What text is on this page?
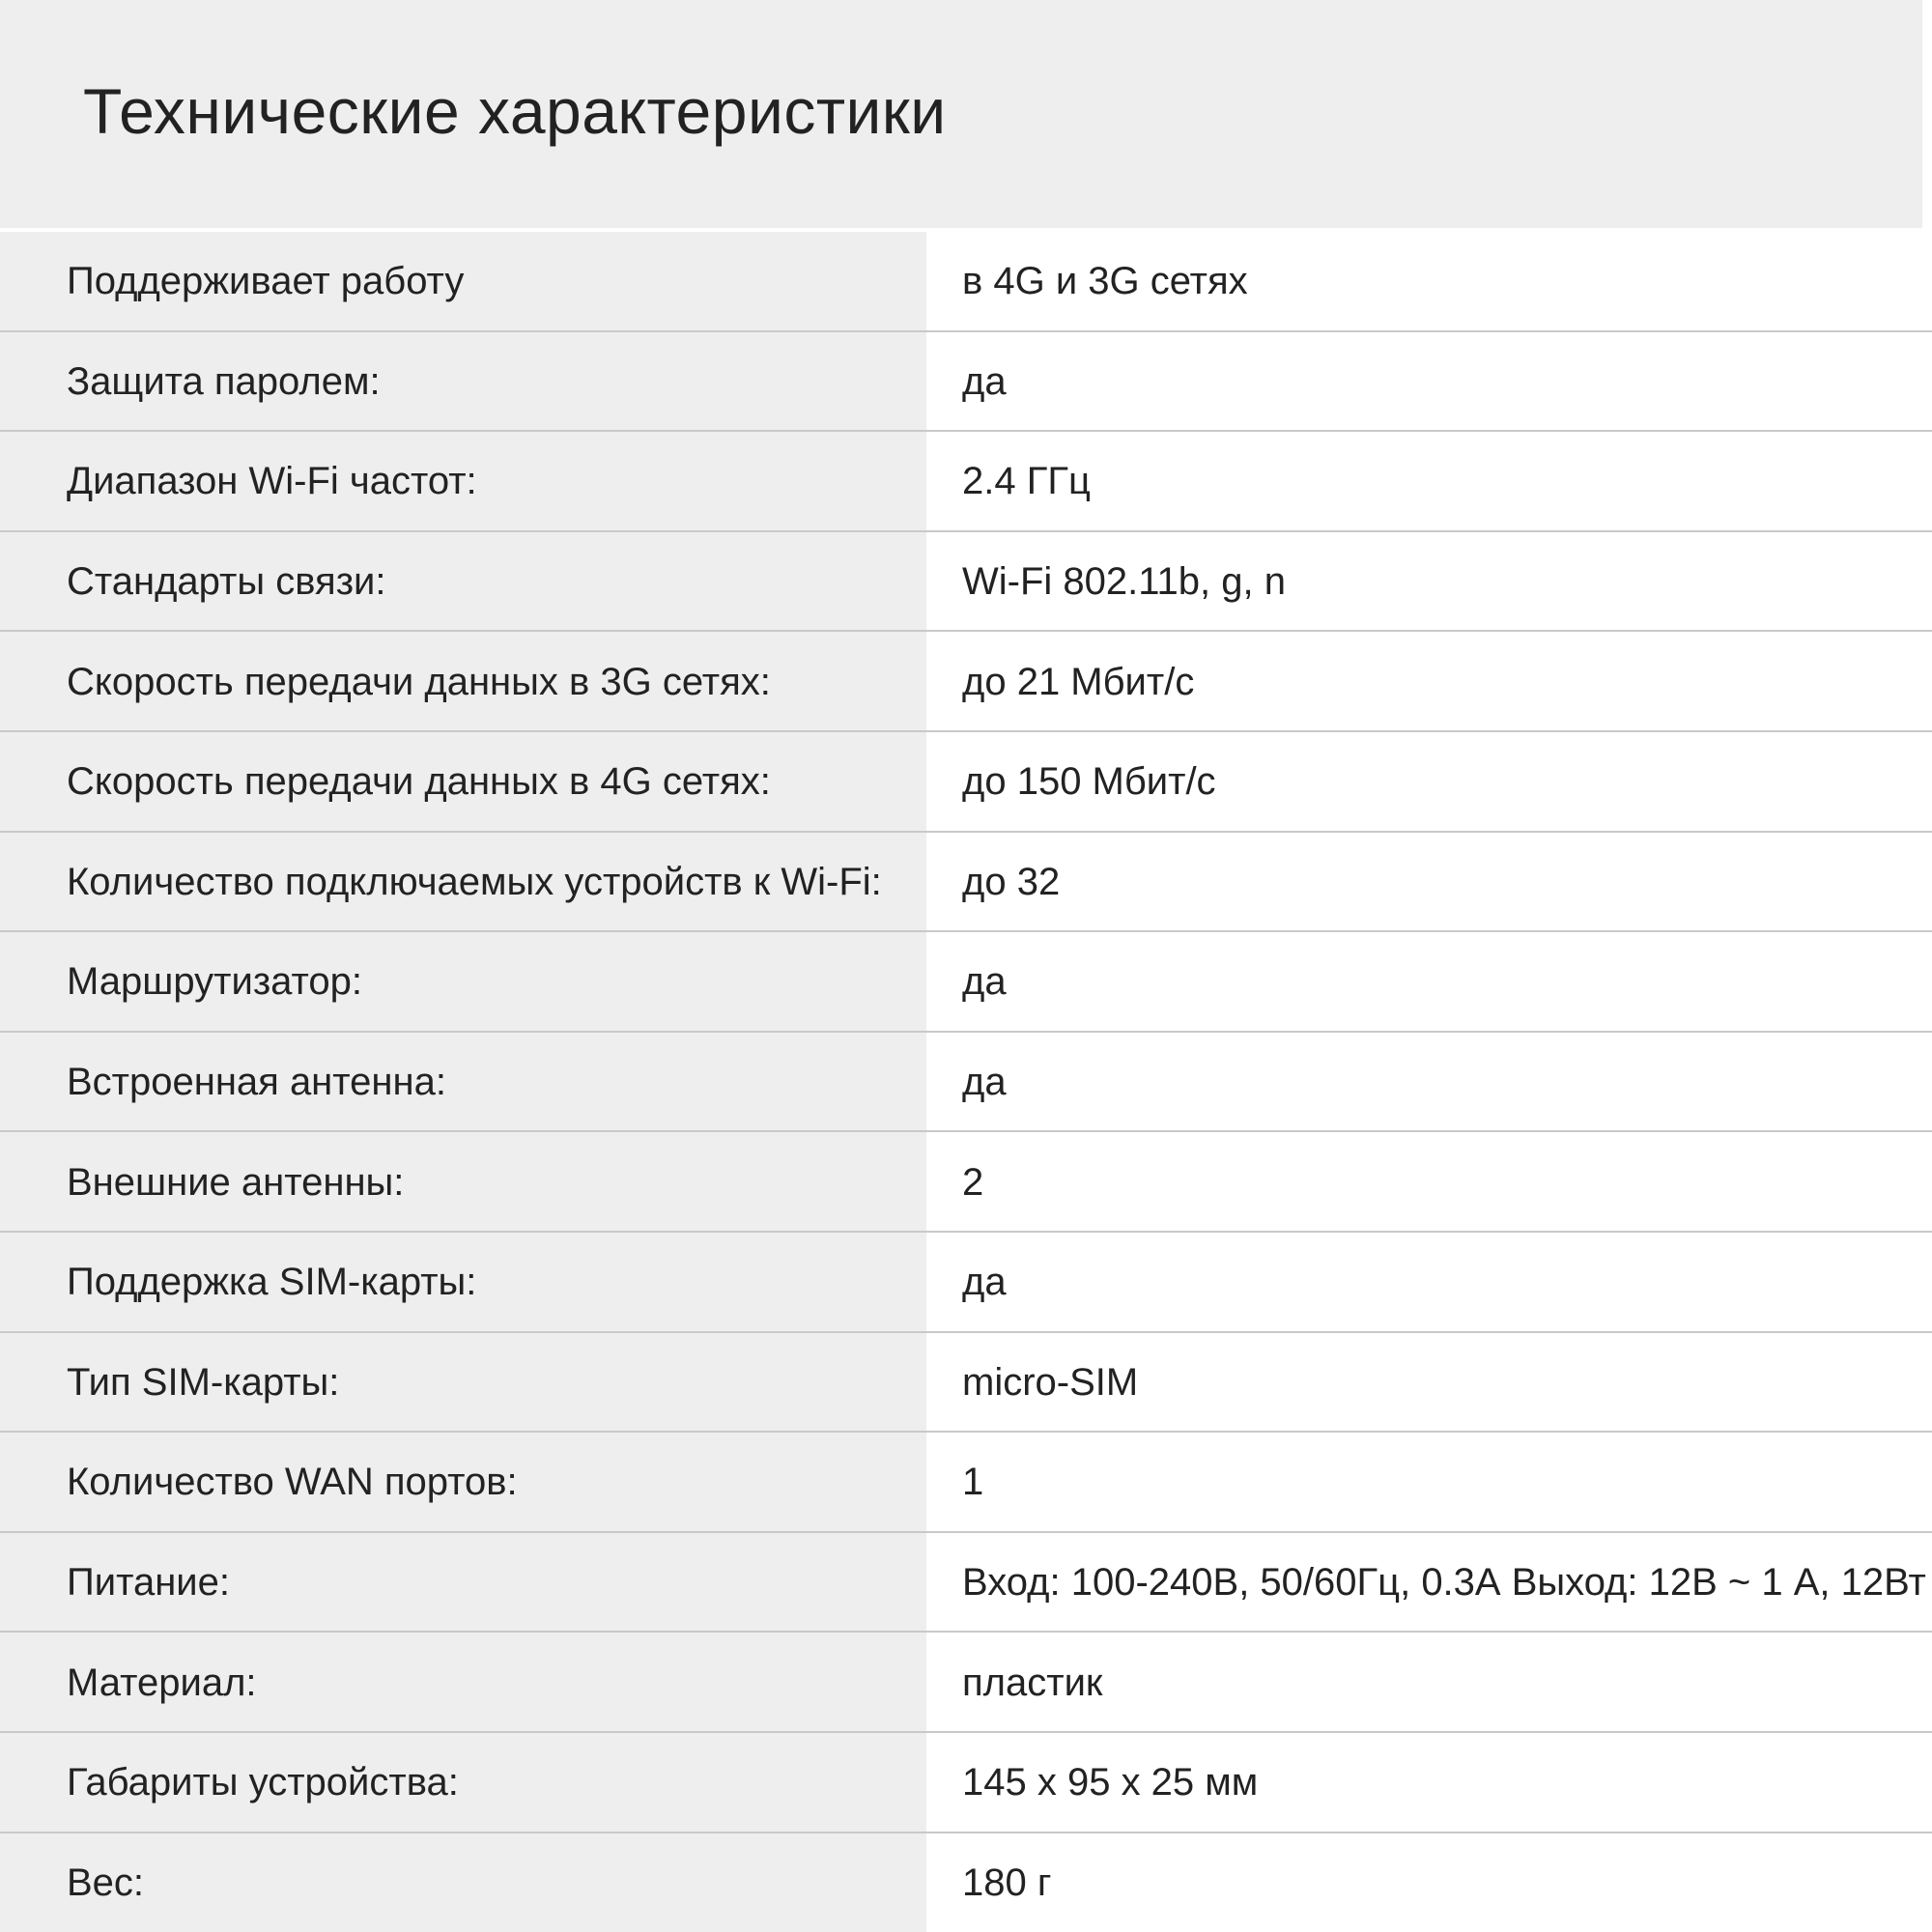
Технические характеристики
Поддерживает работу	в 4G и 3G сетях
Защита паролем:	да
Диапазон Wi-Fi частот:	2.4 ГГц
Стандарты связи:	Wi-Fi 802.11b, g, n
Скорость передачи данных в 3G сетях:	до 21 Мбит/с
Скорость передачи данных в 4G сетях:	до 150 Мбит/с
Количество подключаемых устройств к Wi-Fi:	до 32
Маршрутизатор:	да
Встроенная антенна:	да
Внешние антенны:	2
Поддержка SIM-карты:	да
Тип SIM-карты:	micro-SIM
Количество WAN портов:	1
Питание:	Вход: 100-240В, 50/60Гц, 0.3А Выход: 12В ~ 1 А, 12Вт
Материал:	пластик
Габариты устройства:	145 х 95 х 25 мм
Вес:	180 г
